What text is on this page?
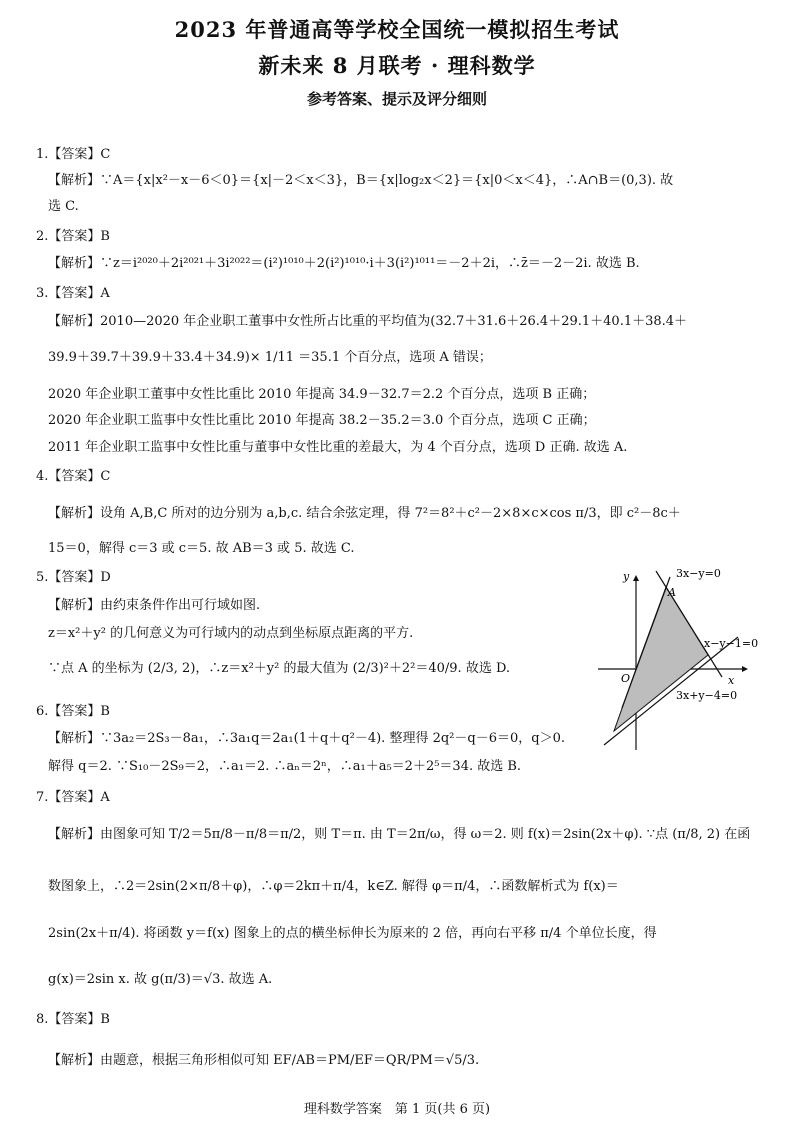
2023 年普通高等学校全国统一模拟招生考试
新未来 8 月联考 · 理科数学
参考答案、提示及评分细则
1.【答案】C
【解析】∵A＝{x|x²－x－6＜0}＝{x|－2＜x＜3}，B＝{x|log₂x＜2}＝{x|0＜x＜4}，∴A∩B＝(0,3). 故
选 C.
2.【答案】B
【解析】∵z＝i²⁰²⁰＋2i²⁰²¹＋3i²⁰²²＝(i²)¹⁰¹⁰＋2(i²)¹⁰¹⁰·i＋3(i²)¹⁰¹¹＝－2＋2i，∴z̄＝－2－2i. 故选 B.
3.【答案】A
【解析】2010—2020 年企业职工董事中女性所占比重的平均值为(32.7＋31.6＋26.4＋29.1＋40.1＋38.4＋
39.9＋39.7＋39.9＋33.4＋34.9)× 1/11 ＝35.1 个百分点，选项 A 错误；
2020 年企业职工董事中女性比重比 2010 年提高 34.9－32.7＝2.2 个百分点，选项 B 正确；
2020 年企业职工监事中女性比重比 2010 年提高 38.2－35.2＝3.0 个百分点，选项 C 正确；
2011 年企业职工监事中女性比重与董事中女性比重的差最大，为 4 个百分点，选项 D 正确. 故选 A.
4.【答案】C
【解析】设角 A,B,C 所对的边分别为 a,b,c. 结合余弦定理，得 7²＝8²＋c²－2×8×c×cos π/3，即 c²－8c＋
15＝0，解得 c＝3 或 c＝5. 故 AB＝3 或 5. 故选 C.
5.【答案】D
【解析】由约束条件作出可行域如图.
z＝x²＋y² 的几何意义为可行域内的动点到坐标原点距离的平方.
∵点 A 的坐标为 (2/3, 2)，∴z＝x²＋y² 的最大值为 (2/3)²＋2²＝40/9. 故选 D.
6.【答案】B
【解析】∵3a₂＝2S₃－8a₁，∴3a₁q＝2a₁(1＋q＋q²－4). 整理得 2q²－q－6＝0，q＞0.
解得 q＝2. ∵S₁₀－2S₉＝2，∴a₁＝2. ∴aₙ＝2ⁿ，∴a₁＋a₅＝2＋2⁵＝34. 故选 B.
7.【答案】A
【解析】由图象可知 T/2＝5π/8－π/8＝π/2，则 T＝π. 由 T＝2π/ω，得 ω＝2. 则 f(x)＝2sin(2x＋φ). ∵点 (π/8, 2) 在函
数图象上，∴2＝2sin(2×π/8＋φ)，∴φ＝2kπ＋π/4，k∈Z. 解得 φ＝π/4，∴函数解析式为 f(x)＝
2sin(2x＋π/4). 将函数 y＝f(x) 图象上的点的横坐标伸长为原来的 2 倍，再向右平移 π/4 个单位长度，得
g(x)＝2sin x. 故 g(π/3)＝√3. 故选 A.
8.【答案】B
【解析】由题意，根据三角形相似可知 EF/AB＝PM/EF＝QR/PM＝√5/3.
3x−y=0
x−y−1=0
3x+y−4=0
A
O	x
y
理科数学答案　第 1 页(共 6 页)
